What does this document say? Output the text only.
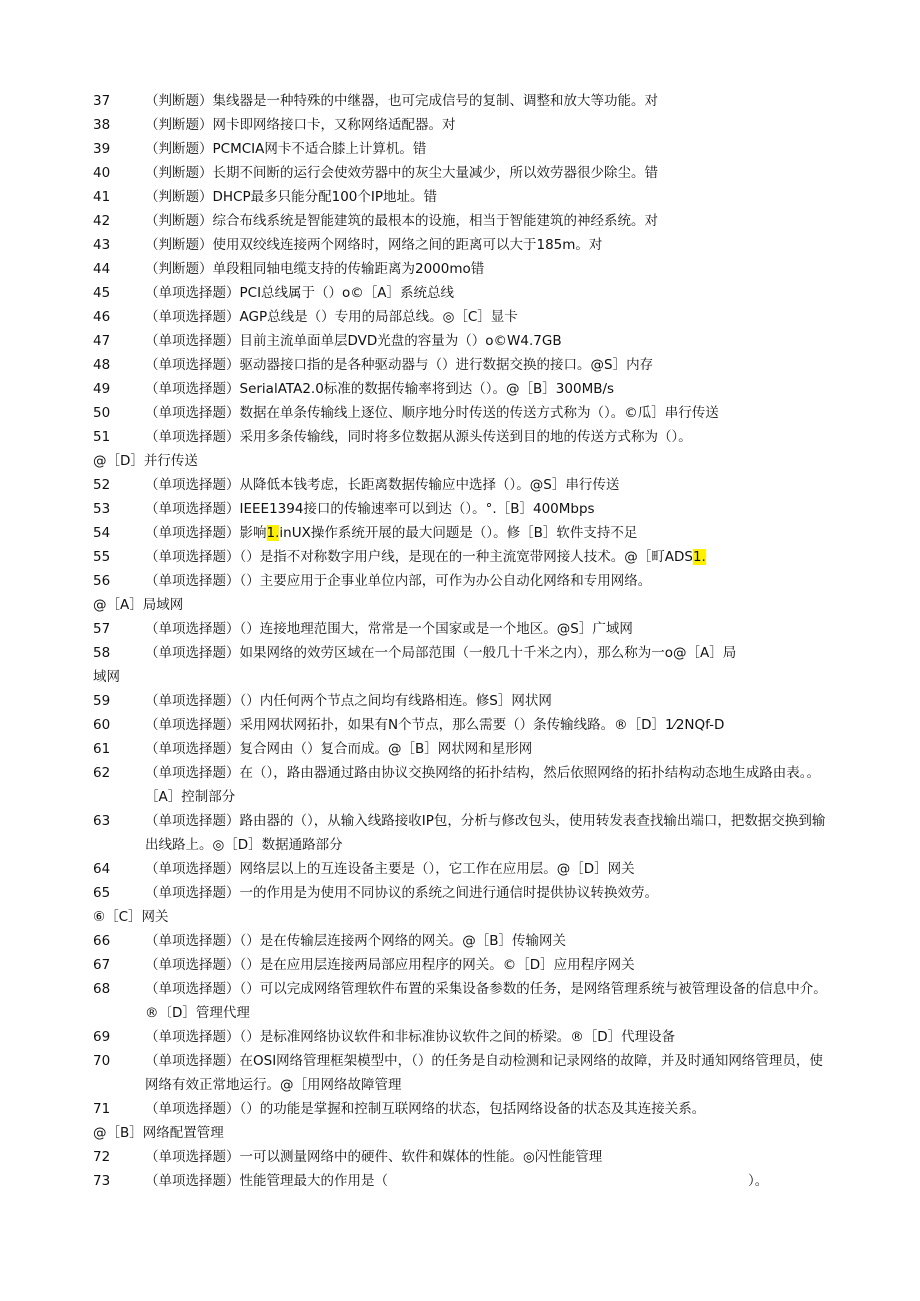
37	（判断题）集线器是一种特殊的中继器，也可完成信号的复制、调整和放大等功能。对
38	（判断题）网卡即网络接口卡，又称网络适配器。对
39	（判断题）PCMCIA网卡不适合膝上计算机。错
40	（判断题）长期不间断的运行会使效劳器中的灰尘大量减少，所以效劳器很少除尘。错
41	（判断题）DHCP最多只能分配100个IP地址。错
42	（判断题）综合布线系统是智能建筑的最根本的设施，相当于智能建筑的神经系统。对
43	（判断题）使用双绞线连接两个网络时，网络之间的距离可以大于185m。对
44	（判断题）单段粗同轴电缆支持的传输距离为2000mo错
45	（单项选择题）PCI总线属于（）o©［A］系统总线
46	（单项选择题）AGP总线是（）专用的局部总线。◎［C］显卡
47	（单项选择题）目前主流单面单层DVD光盘的容量为（）o©W4.7GB
48	（单项选择题）驱动器接口指的是各种驱动器与（）进行数据交换的接口。@S］内存
49	（单项选择题）SerialATA2.0标准的数据传输率将到达（）。@［B］300MB/s
50	（单项选择题）数据在单条传输线上逐位、顺序地分时传送的传送方式称为（）。©瓜］串行传送
51	（单项选择题）采用多条传输线，同时将多位数据从源头传送到目的地的传送方式称为（）。
@［D］并行传送
52	（单项选择题）从降低本钱考虑，长距离数据传输应中选择（）。@S］串行传送
53	（单项选择题）IEEE1394接口的传输速率可以到达（）。°.［B］400Mbps
54	（单项选择题）影响1.inUX操作系统开展的最大问题是（）。修［B］软件支持不足
55	（单项选择题）（）是指不对称数字用户线，是现在的一种主流宽带网接人技术。@［町ADS1.
56	（单项选择题）（）主要应用于企事业单位内部，可作为办公自动化网络和专用网络。
@［A］局域网
57	（单项选择题）（）连接地理范围大，常常是一个国家或是一个地区。@S］广域网
58	（单项选择题）如果网络的效劳区域在一个局部范围（一般几十千米之内），那么称为一o@［A］局
域网
59	（单项选择题）（）内任何两个节点之间均有线路相连。修S］网状网
60	（单项选择题）采用网状网拓扑，如果有N个节点，那么需要（）条传输线路。®［D］1⁄2NQf-D
61	（单项选择题）复合网由（）复合而成。@［B］网状网和星形网
62	（单项选择题）在（），路由器通过路由协议交换网络的拓扑结构，然后依照网络的拓扑结构动态地生成路由表。。［A］控制部分
63	（单项选择题）路由器的（），从输入线路接收IP包，分析与修改包头，使用转发表查找输出端口，把数据交换到输出线路上。◎［D］数据通路部分
64	（单项选择题）网络层以上的互连设备主要是（），它工作在应用层。@［D］网关
65	（单项选择题）一的作用是为使用不同协议的系统之间进行通信时提供协议转换效劳。
⑥［C］网关
66	（单项选择题）（）是在传输层连接两个网络的网关。@［B］传输网关
67	（单项选择题）（）是在应用层连接两局部应用程序的网关。©［D］应用程序网关
68	（单项选择题）（）可以完成网络管理软件布置的采集设备参数的任务，是网络管理系统与被管理设备的信息中介。®〔D］管理代理
69	（单项选择题）（）是标准网络协议软件和非标准协议软件之间的桥梁。®［D］代理设备
70	（单项选择题）在OSI网络管理框架模型中，（）的任务是自动检测和记录网络的故障，并及时通知网络管理员，使网络有效正常地运行。@［用网络故障管理
71	（单项选择题）（）的功能是掌握和控制互联网络的状态，包括网络设备的状态及其连接关系。
@［B］网络配置管理
72	（单项选择题）一可以测量网络中的硬件、软件和媒体的性能。◎闪性能管理
73	（单项选择题）性能管理最大的作用是（	）。
